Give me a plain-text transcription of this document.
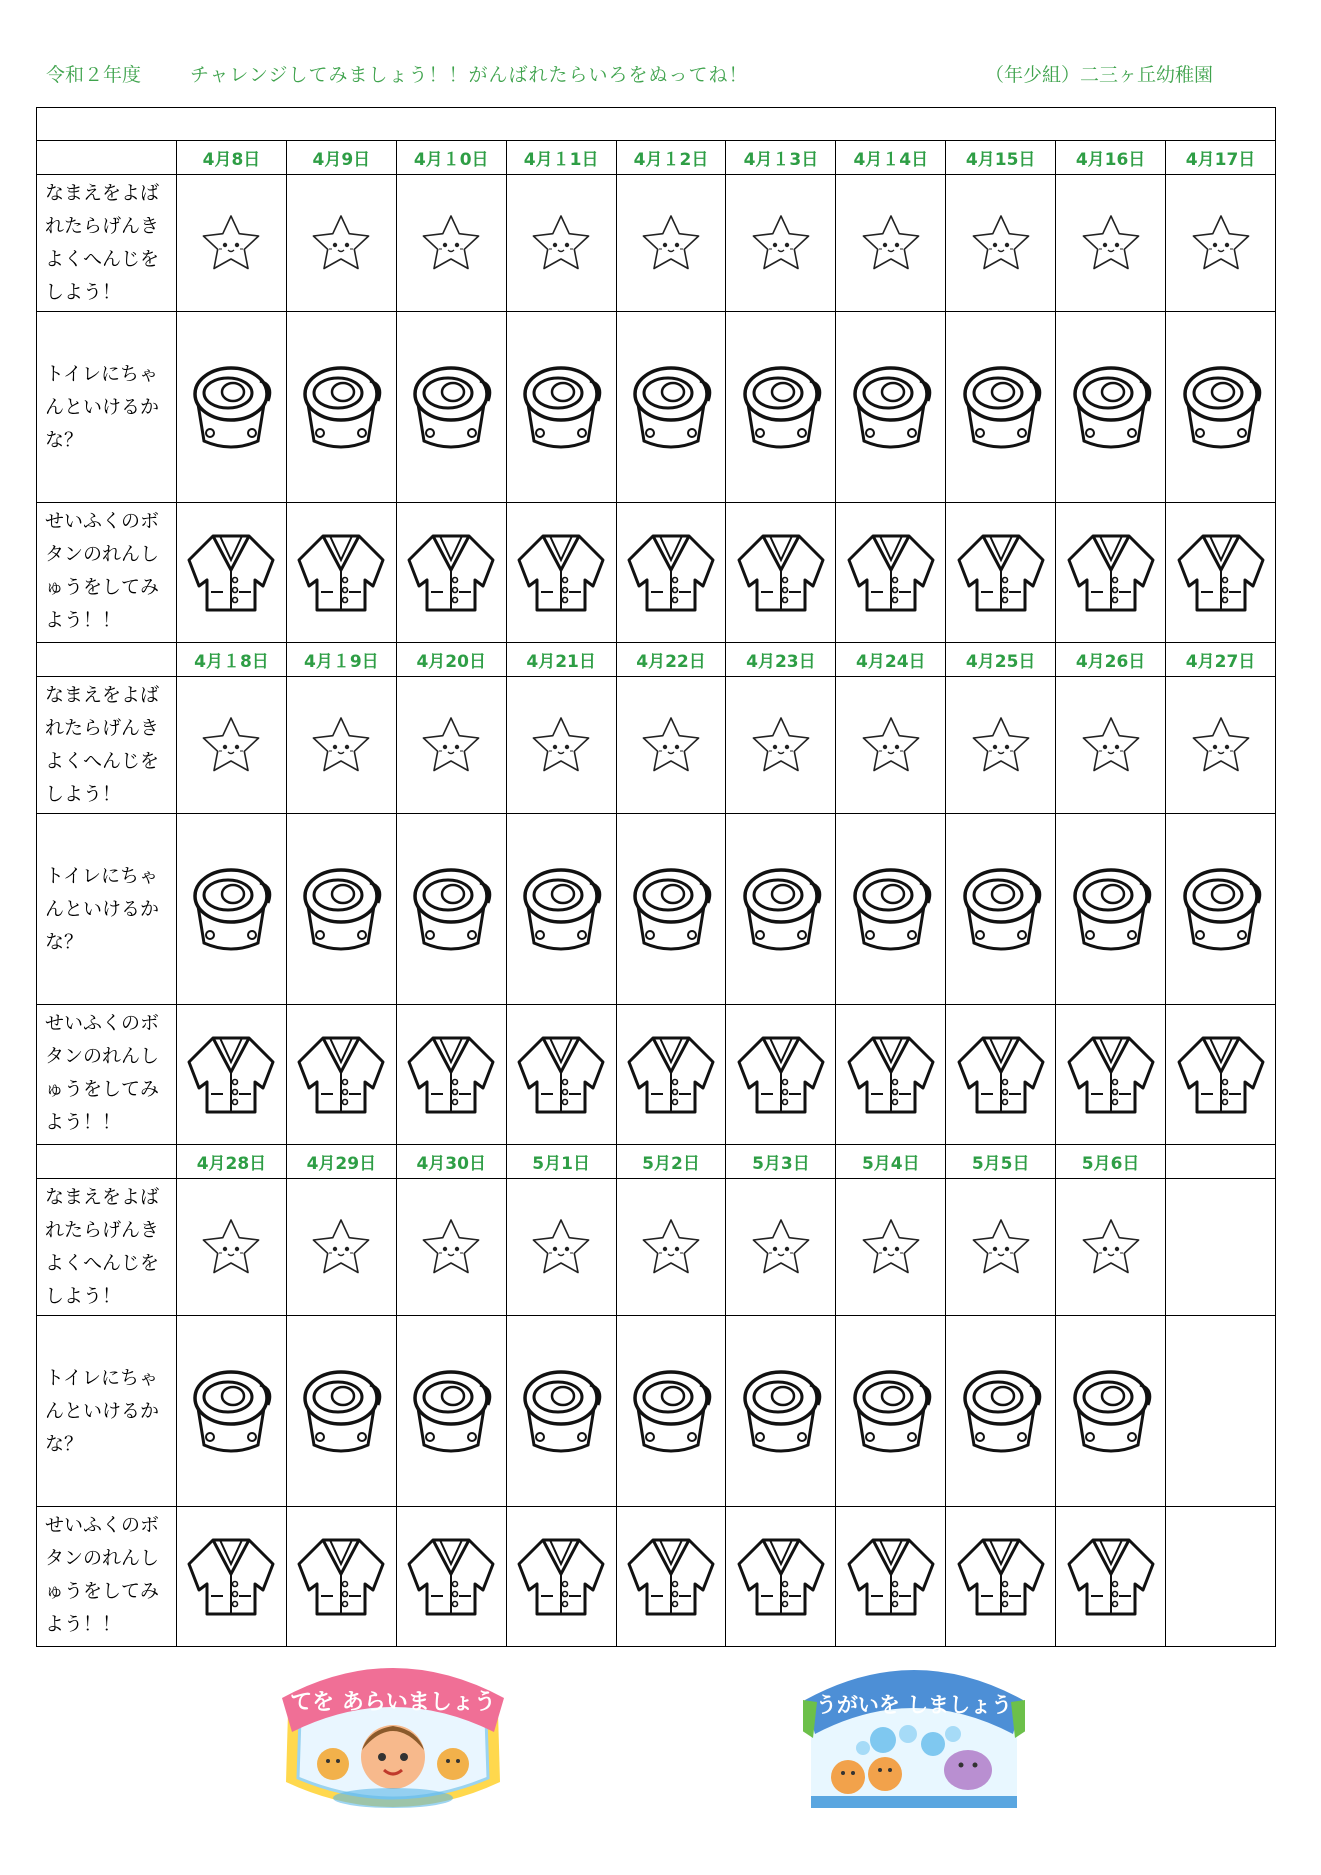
令和２年度	チャレンジしてみましょう！！がんばれたらいろをぬってね！	（年少組）二三ヶ丘幼稚園

	4月8日	4月9日	4月１0日	4月１1日	4月１2日	4月１3日	4月１4日	4月15日	4月16日	4月17日
なまえをよばれたらげんきよくへんじをしよう！										
トイレにちゃんといけるかな？										
せいふくのボタンのれんしゅうをしてみよう！！										
	4月１8日	4月１9日	4月20日	4月21日	4月22日	4月23日	4月24日	4月25日	4月26日	4月27日
なまえをよばれたらげんきよくへんじをしよう！										
トイレにちゃんといけるかな？										
せいふくのボタンのれんしゅうをしてみよう！！										
	4月28日	4月29日	4月30日	5月1日	5月2日	5月3日	5月4日	5月5日	5月6日	
なまえをよばれたらげんきよくへんじをしよう！										
トイレにちゃんといけるかな？										
せいふくのボタンのれんしゅうをしてみよう！！										
てを あらいましょう	うがいを しましょう
